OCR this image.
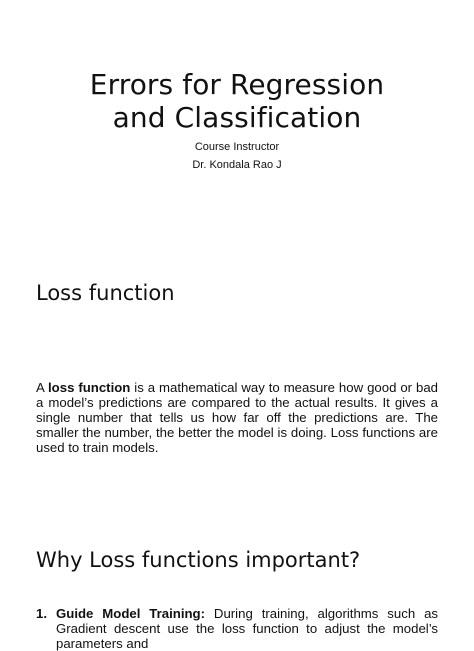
Errors for Regression
and Classification
Course Instructor
Dr. Kondala Rao J
Loss function

A loss function is a mathematical way to measure how good or bad a model’s predictions are compared to the actual results. It gives a single number that tells us how far off the predictions are. The smaller the number, the better the model is doing. Loss functions are used to train models.

Why Loss functions important?
1. Guide Model Training: During training, algorithms such as Gradient descent use the loss function to adjust the model’s parameters and
